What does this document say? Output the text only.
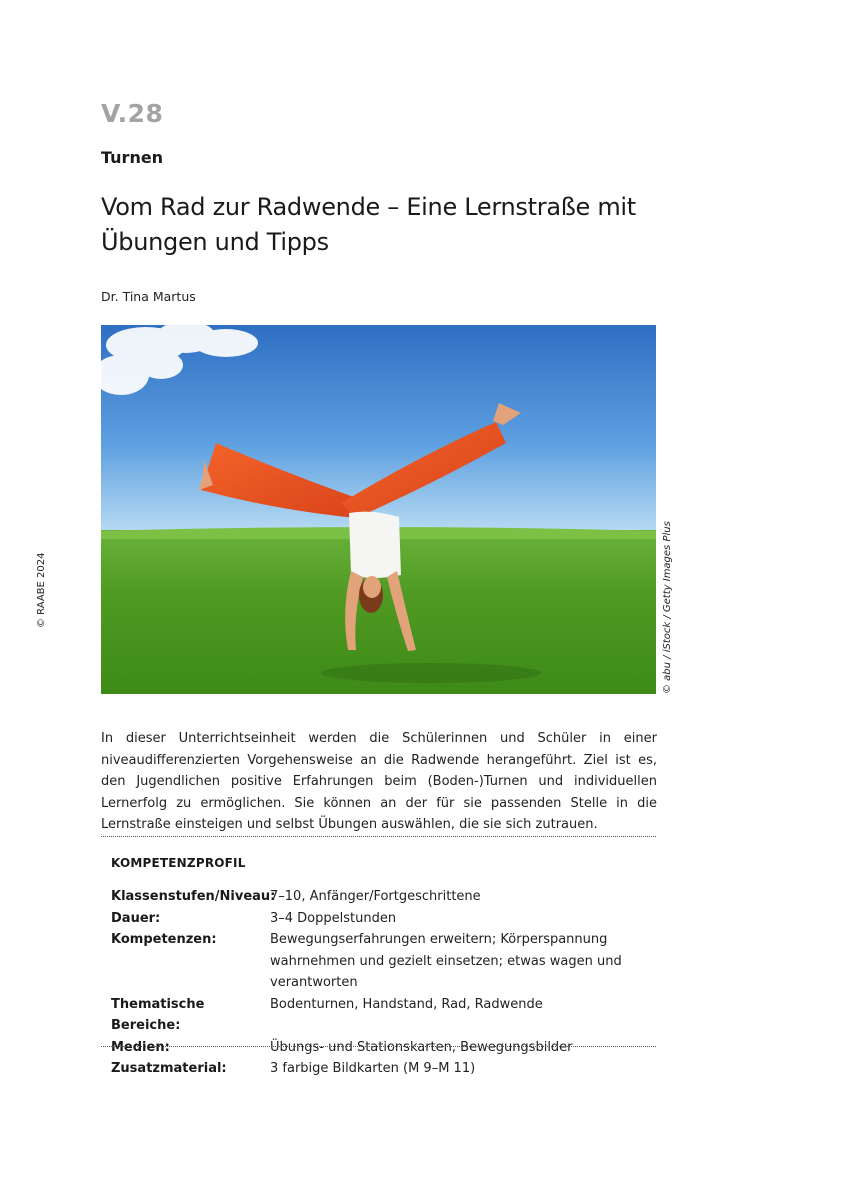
V.28
Turnen
Vom Rad zur Radwende – Eine Lernstraße mit Übungen und Tipps
Dr. Tina Martus
© abu / iStock / Getty Images Plus
© RAABE 2024

In dieser Unterrichtseinheit werden die Schülerinnen und Schüler in einer niveaudifferenzierten Vorgehensweise an die Radwende herangeführt. Ziel ist es, den Jugendlichen positive Erfahrungen beim (Boden-)Turnen und individuellen Lernerfolg zu ermöglichen. Sie können an der für sie passenden Stelle in die Lernstraße einsteigen und selbst Übungen auswählen, die sie sich zutrauen.

KOMPETENZPROFIL
Klassenstufen/Niveau:
7–10, Anfänger/Fortgeschrittene
Dauer:	3–4 Doppelstunden
Kompetenzen:	Bewegungserfahrungen erweitern; Körperspannung wahrnehmen und gezielt einsetzen; etwas wagen und verantworten
Thematische Bereiche:
Bodenturnen, Handstand, Rad, Radwende
Medien:	Übungs- und Stationskarten, Bewegungsbilder
Zusatzmaterial:	3 farbige Bildkarten (M 9–M 11)
